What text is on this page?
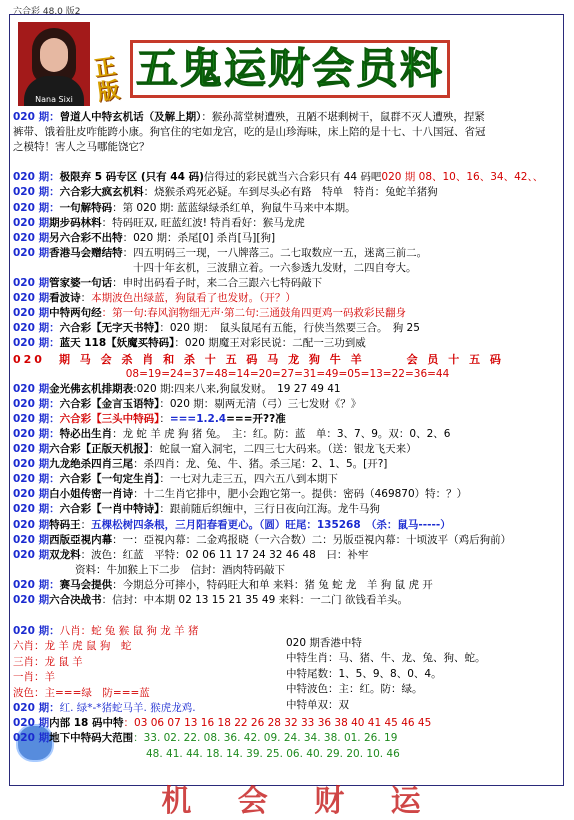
六合彩 48.0 版2
Nana Sixi
正版 五鬼运财会员料
020 期：曾道人中特玄机话（及解上期）：猴孙蒿堂树遭殃，丑陋不堪剩树干，鼠群不灭人遭殃，捏紧
裤带、饿着肚皮咋能跨小康。狗官住的宅如龙宫，吃的是山珍海味，床上陪的是十七、十八国冠、省冠
之模特！害人之马哪能饶它？
020 期：极限弃 5 码专区 (只有 44 码)信得过的彩民就当六合彩只有 44 码吧020 期 08、10、16、34、42、、
020 期：六合彩大疯玄机料：烧猴杀鸡死必疑。车到尽头必有路　特单　特肖：兔蛇羊猪狗
020 期：一句解特码：第 020 期: 蓝蓝绿绿杀红单，狗鼠牛马来中本期。
020 期期步码林料：特码旺双, 旺蓝红波! 特肖看好：猴马龙虎
020 期另六合彩不出特：020 期：杀尾[0] 杀肖[马][狗]
020 期香港马会赠结特：四五明码三一现，一八牌落三。二七取数应一五，迷离三前二。
十四十年玄机，三波鼎立着。一六参透九发财，二四自夸大。
020 期管家婆一句话：申时出码看子时，来二合三跟六七特码敲下
020 期看波诗：本期波色出绿蓝，狗鼠看了也发财。（开？）
020 期中特两句经：第一句:春风润物细无声·第二句:三通鼓角四更鸡一码救彩民翻身
020 期：六合彩【无字天书特】：020 期：　鼠头鼠尾有五能，行侠当然要三合。　狗 25
020 期：蓝天 118【妖魔买特码】：020 期魔王对彩民说：二配一三功到威
020　期 马 会 杀 肖 和 杀 十 五 码 马 龙 狗 牛 羊　　　会 员 十 五 码
08=19=24=37=48=14=20=27=31=49=05=13=22=36=44
020 期金光佛玄机排期表:020 期:四来八来,狗鼠发财。　19 27 49 41
020 期：六合彩【金言玉语特】：020 期：剔两无清（弓）三七发财《？》
020 期：六合彩【三头中特码】：===1.2.4===开??准
020 期：特必出生肖：龙 蛇 羊 虎 狗 猪 兔。　主：红。防：蓝　单：3、7、9。双：0、2、6
020 期六合彩【正版天机报】：蛇鼠一窟入洞宅，二四三七大码来。（送：银龙飞天来）
020 期九龙绝杀四肖三尾：杀四肖：龙、兔、牛、猪。杀三尾：2、1、5。[开?]
020 期：六合彩【一句定生肖】：一七对九走三五，四六五八到本期下
020 期白小姐传密一肖诗：十二生肖它排中，肥小会跑它第一。提供：密码（469870）特：？）
020 期：六合彩【一肖中特诗】：跟前随后织缠中，三行日夜向江海。龙牛马狗
020 期特码王：五棵松树四条根，三月阳春看更心。（圆）旺尾：135268　（杀：鼠马-----）
020 期西版亞視内幕：一：亞視內幕：二金鸡报晓（一六合数）二：另版亞視內幕：十顷波平（鸡后狗前）
020 期双龙料：波色：红蓝　平特：02 06 11 17 24 32 46 48　曰：补牢
资料：牛加猴上下二步　信封：酒肉特码敲下
020 期：赛马会提供：今期总分可摔小，特码旺大和单 来料：猪 兔 蛇 龙　羊 狗 鼠 虎 开
020 期六合决战书：信封：中本期 02 13 15 21 35 49 来料：一二门 欲钱看羊头。
020 期：八肖：蛇 兔 猴 鼠 狗 龙 羊 猪
六肖：龙 羊 虎 鼠 狗　蛇
三肖：龙 鼠 羊
一肖：羊
波色：主===绿　防===蓝
020 期香港中特
中特生肖：马、猪、牛、龙、兔、狗、蛇。
中特尾数：1、5、9、8、0、4。
中特波色：主：红。防：绿。
中特单双：双
020 期：红. 绿*-*猪蛇马羊. 猴虎龙鸡.
020 期内部 18 码中特：03 06 07 13 16 18 22 26 28 32 33 36 38 40 41 45 46 45
020 期地下中特码大范围：33. 02. 22. 08. 36. 42. 09. 24. 34. 38. 01. 26. 19
48. 41. 44. 18. 14. 39. 25. 06. 40. 29. 20. 10. 46
机 会 财 运
